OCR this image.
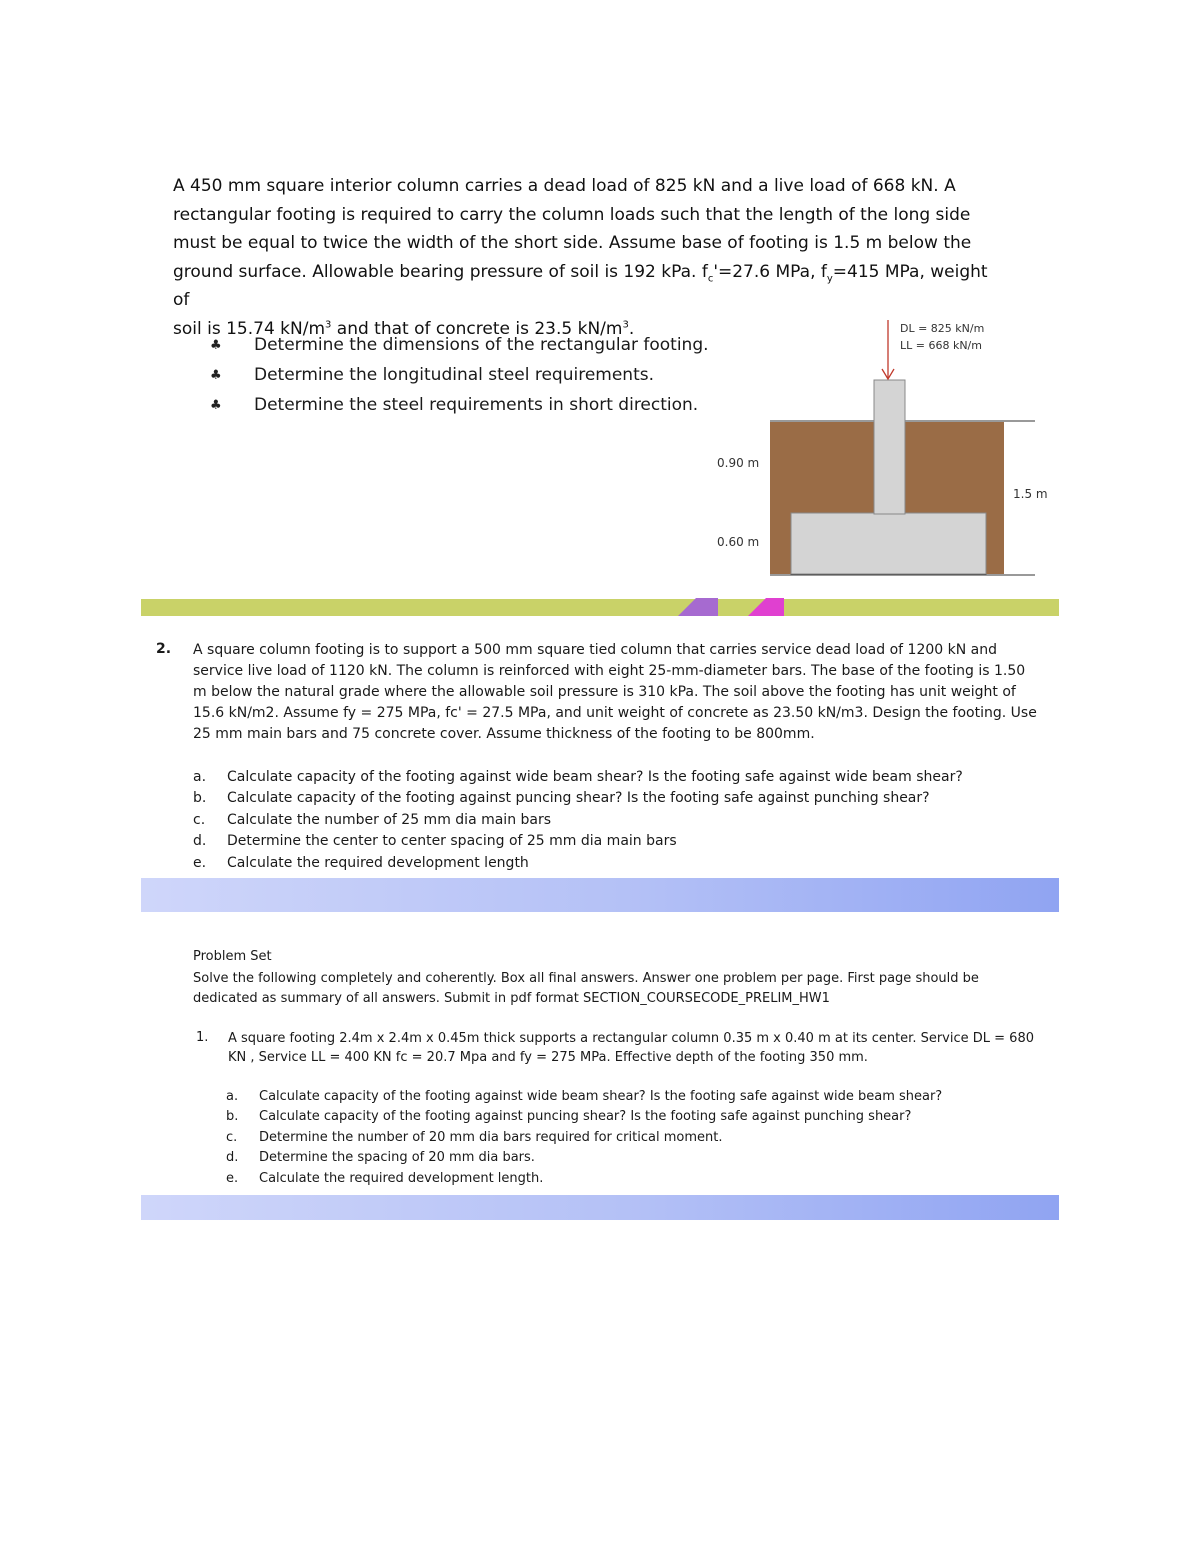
A 450 mm square interior column carries a dead load of 825 kN and a live load of 668 kN. A
rectangular footing is required to carry the column loads such that the length of the long side
must be equal to twice the width of the short side. Assume base of footing is 1.5 m below the
ground surface. Allowable bearing pressure of soil is 192 kPa. $f_c'=27.6$ MPa, $f_y=415$ MPa, weight of
soil is 15.74 $kN/m^3$ and that of concrete is 23.5 $kN/m^3$.
♣	Determine the dimensions of the rectangular footing.
♣	Determine the longitudinal steel requirements.
♣	Determine the steel requirements in short direction.
DL = 825 kN/m
LL = 668 kN/m
0.90 m
0.60 m
1.5 m
2. A square column footing is to support a 500 mm square tied column that carries service dead load of 1200 kN and service live load of 1120 kN. The column is reinforced with eight 25-mm-diameter bars. The base of the footing is 1.50 m below the natural grade where the allowable soil pressure is 310 kPa. The soil above the footing has unit weight of 15.6 kN/m2. Assume fy = 275 MPa, fc' = 27.5 MPa, and unit weight of concrete as 23.50 kN/m3. Design the footing. Use 25 mm main bars and 75 concrete cover. Assume thickness of the footing to be 800mm.
a.	Calculate capacity of the footing against wide beam shear? Is the footing safe against wide beam shear?
b.	Calculate capacity of the footing against puncing shear? Is the footing safe against punching shear?
c.	Calculate the number of 25 mm dia main bars
d.	Determine the center to center spacing of 25 mm dia main bars
e.	Calculate the required development length
Problem Set
Solve the following completely and coherently. Box all final answers. Answer one problem per page. First page should be dedicated as summary of all answers. Submit in pdf format SECTION_COURSECODE_PRELIM_HW1
1. A square footing 2.4m x 2.4m x 0.45m thick supports a rectangular column 0.35 m x 0.40 m at its center. Service DL = 680 KN , Service LL = 400 KN fc = 20.7 Mpa and fy = 275 MPa. Effective depth of the footing 350 mm.
a.	Calculate capacity of the footing against wide beam shear? Is the footing safe against wide beam shear?
b.	Calculate capacity of the footing against puncing shear? Is the footing safe against punching shear?
c.	Determine the number of 20 mm dia bars required for critical moment.
d.	Determine the spacing of 20 mm dia bars.
e.	Calculate the required development length.
